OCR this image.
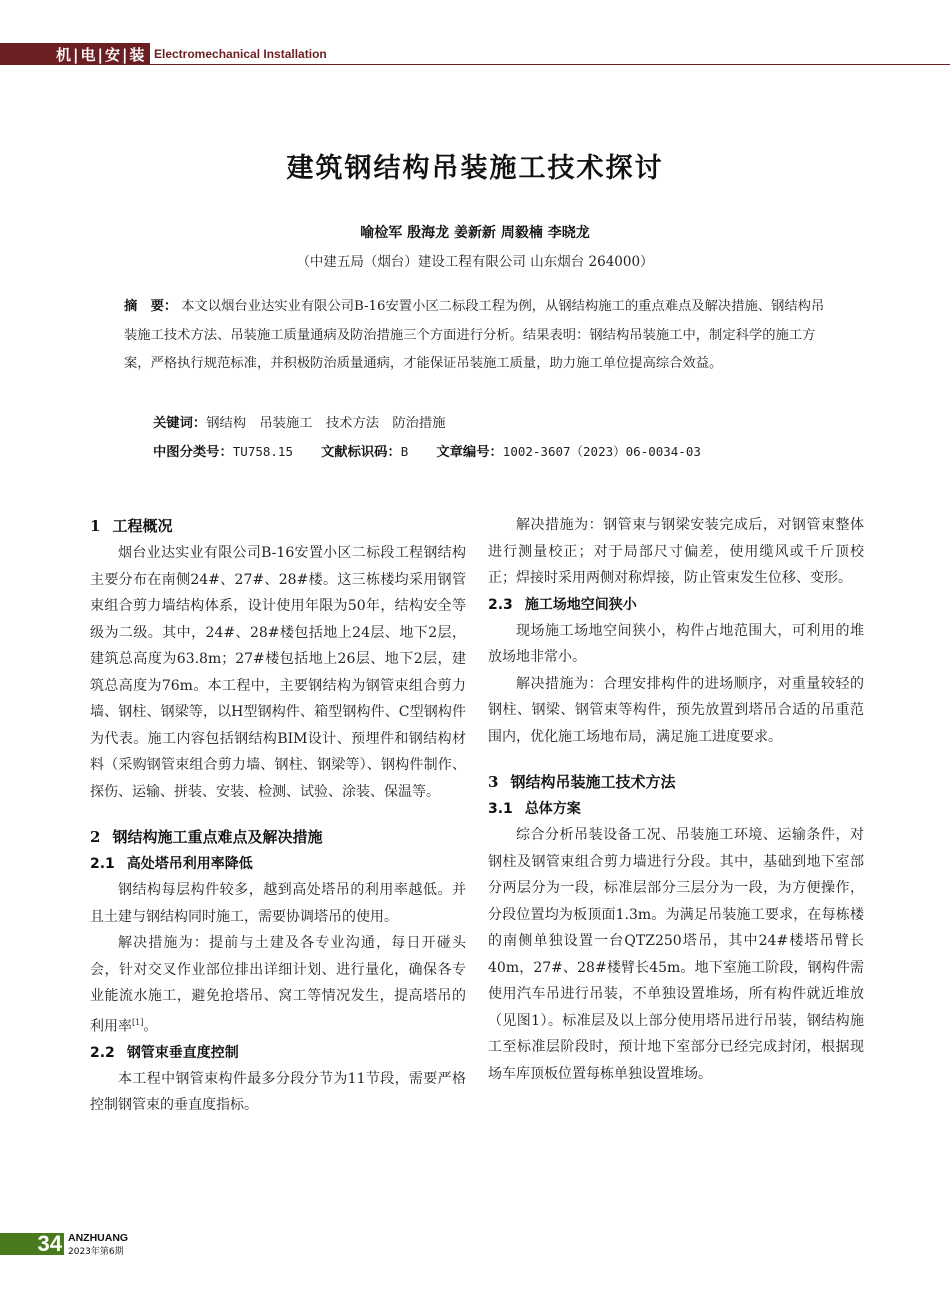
机|电|安|装 Electromechanical Installation
建筑钢结构吊装施工技术探讨
喻检军 殷海龙 姜新新 周毅楠 李晓龙
（中建五局（烟台）建设工程有限公司 山东烟台 264000）
摘　要： 本文以烟台业达实业有限公司B-16安置小区二标段工程为例，从钢结构施工的重点难点及解决措施、钢结构吊装施工技术方法、吊装施工质量通病及防治措施三个方面进行分析。结果表明：钢结构吊装施工中，制定科学的施工方案，严格执行规范标准，并积极防治质量通病，才能保证吊装施工质量，助力施工单位提高综合效益。
关键词：钢结构　吊装施工　技术方法　防治措施
中图分类号：TU758.15 文献标识码：B 文章编号：1002-3607（2023）06-0034-03
1 工程概况

烟台业达实业有限公司B-16安置小区二标段工程钢结构主要分布在南侧24#、27#、28#楼。这三栋楼均采用钢管束组合剪力墙结构体系，设计使用年限为50年，结构安全等级为二级。其中，24#、28#楼包括地上24层、地下2层，建筑总高度为63.8m；27#楼包括地上26层、地下2层，建筑总高度为76m。本工程中，主要钢结构为钢管束组合剪力墙、钢柱、钢梁等，以H型钢构件、箱型钢构件、C型钢构件为代表。施工内容包括钢结构BIM设计、预埋件和钢结构材料（采购钢管束组合剪力墙、钢柱、钢梁等）、钢构件制作、探伤、运输、拼装、安装、检测、试验、涂装、保温等。

2 钢结构施工重点难点及解决措施
2.1 高处塔吊利用率降低

钢结构每层构件较多，越到高处塔吊的利用率越低。并且土建与钢结构同时施工，需要协调塔吊的使用。

解决措施为：提前与土建及各专业沟通，每日开碰头会，针对交叉作业部位排出详细计划、进行量化，确保各专业能流水施工，避免抢塔吊、窝工等情况发生，提高塔吊的利用率[1]。

2.2 钢管束垂直度控制

本工程中钢管束构件最多分段分节为11节段，需要严格控制钢管束的垂直度指标。

解决措施为：钢管束与钢梁安装完成后，对钢管束整体进行测量校正；对于局部尺寸偏差，使用缆风或千斤顶校正；焊接时采用两侧对称焊接，防止管束发生位移、变形。

2.3 施工场地空间狭小

现场施工场地空间狭小，构件占地范围大，可利用的堆放场地非常小。

解决措施为：合理安排构件的进场顺序，对重量较轻的钢柱、钢梁、钢管束等构件，预先放置到塔吊合适的吊重范围内，优化施工场地布局，满足施工进度要求。

3 钢结构吊装施工技术方法
3.1 总体方案

综合分析吊装设备工况、吊装施工环境、运输条件，对钢柱及钢管束组合剪力墙进行分段。其中，基础到地下室部分两层分为一段，标准层部分三层分为一段，为方便操作，分段位置均为板顶面1.3m。为满足吊装施工要求，在每栋楼的南侧单独设置一台QTZ250塔吊，其中24#楼塔吊臂长40m，27#、28#楼臂长45m。地下室施工阶段，钢构件需使用汽车吊进行吊装，不单独设置堆场，所有构件就近堆放（见图1）。标准层及以上部分使用塔吊进行吊装，钢结构施工至标准层阶段时，预计地下室部分已经完成封闭，根据现场车库顶板位置每栋单独设置堆场。

34 ANZHUANG
2023年第6期
